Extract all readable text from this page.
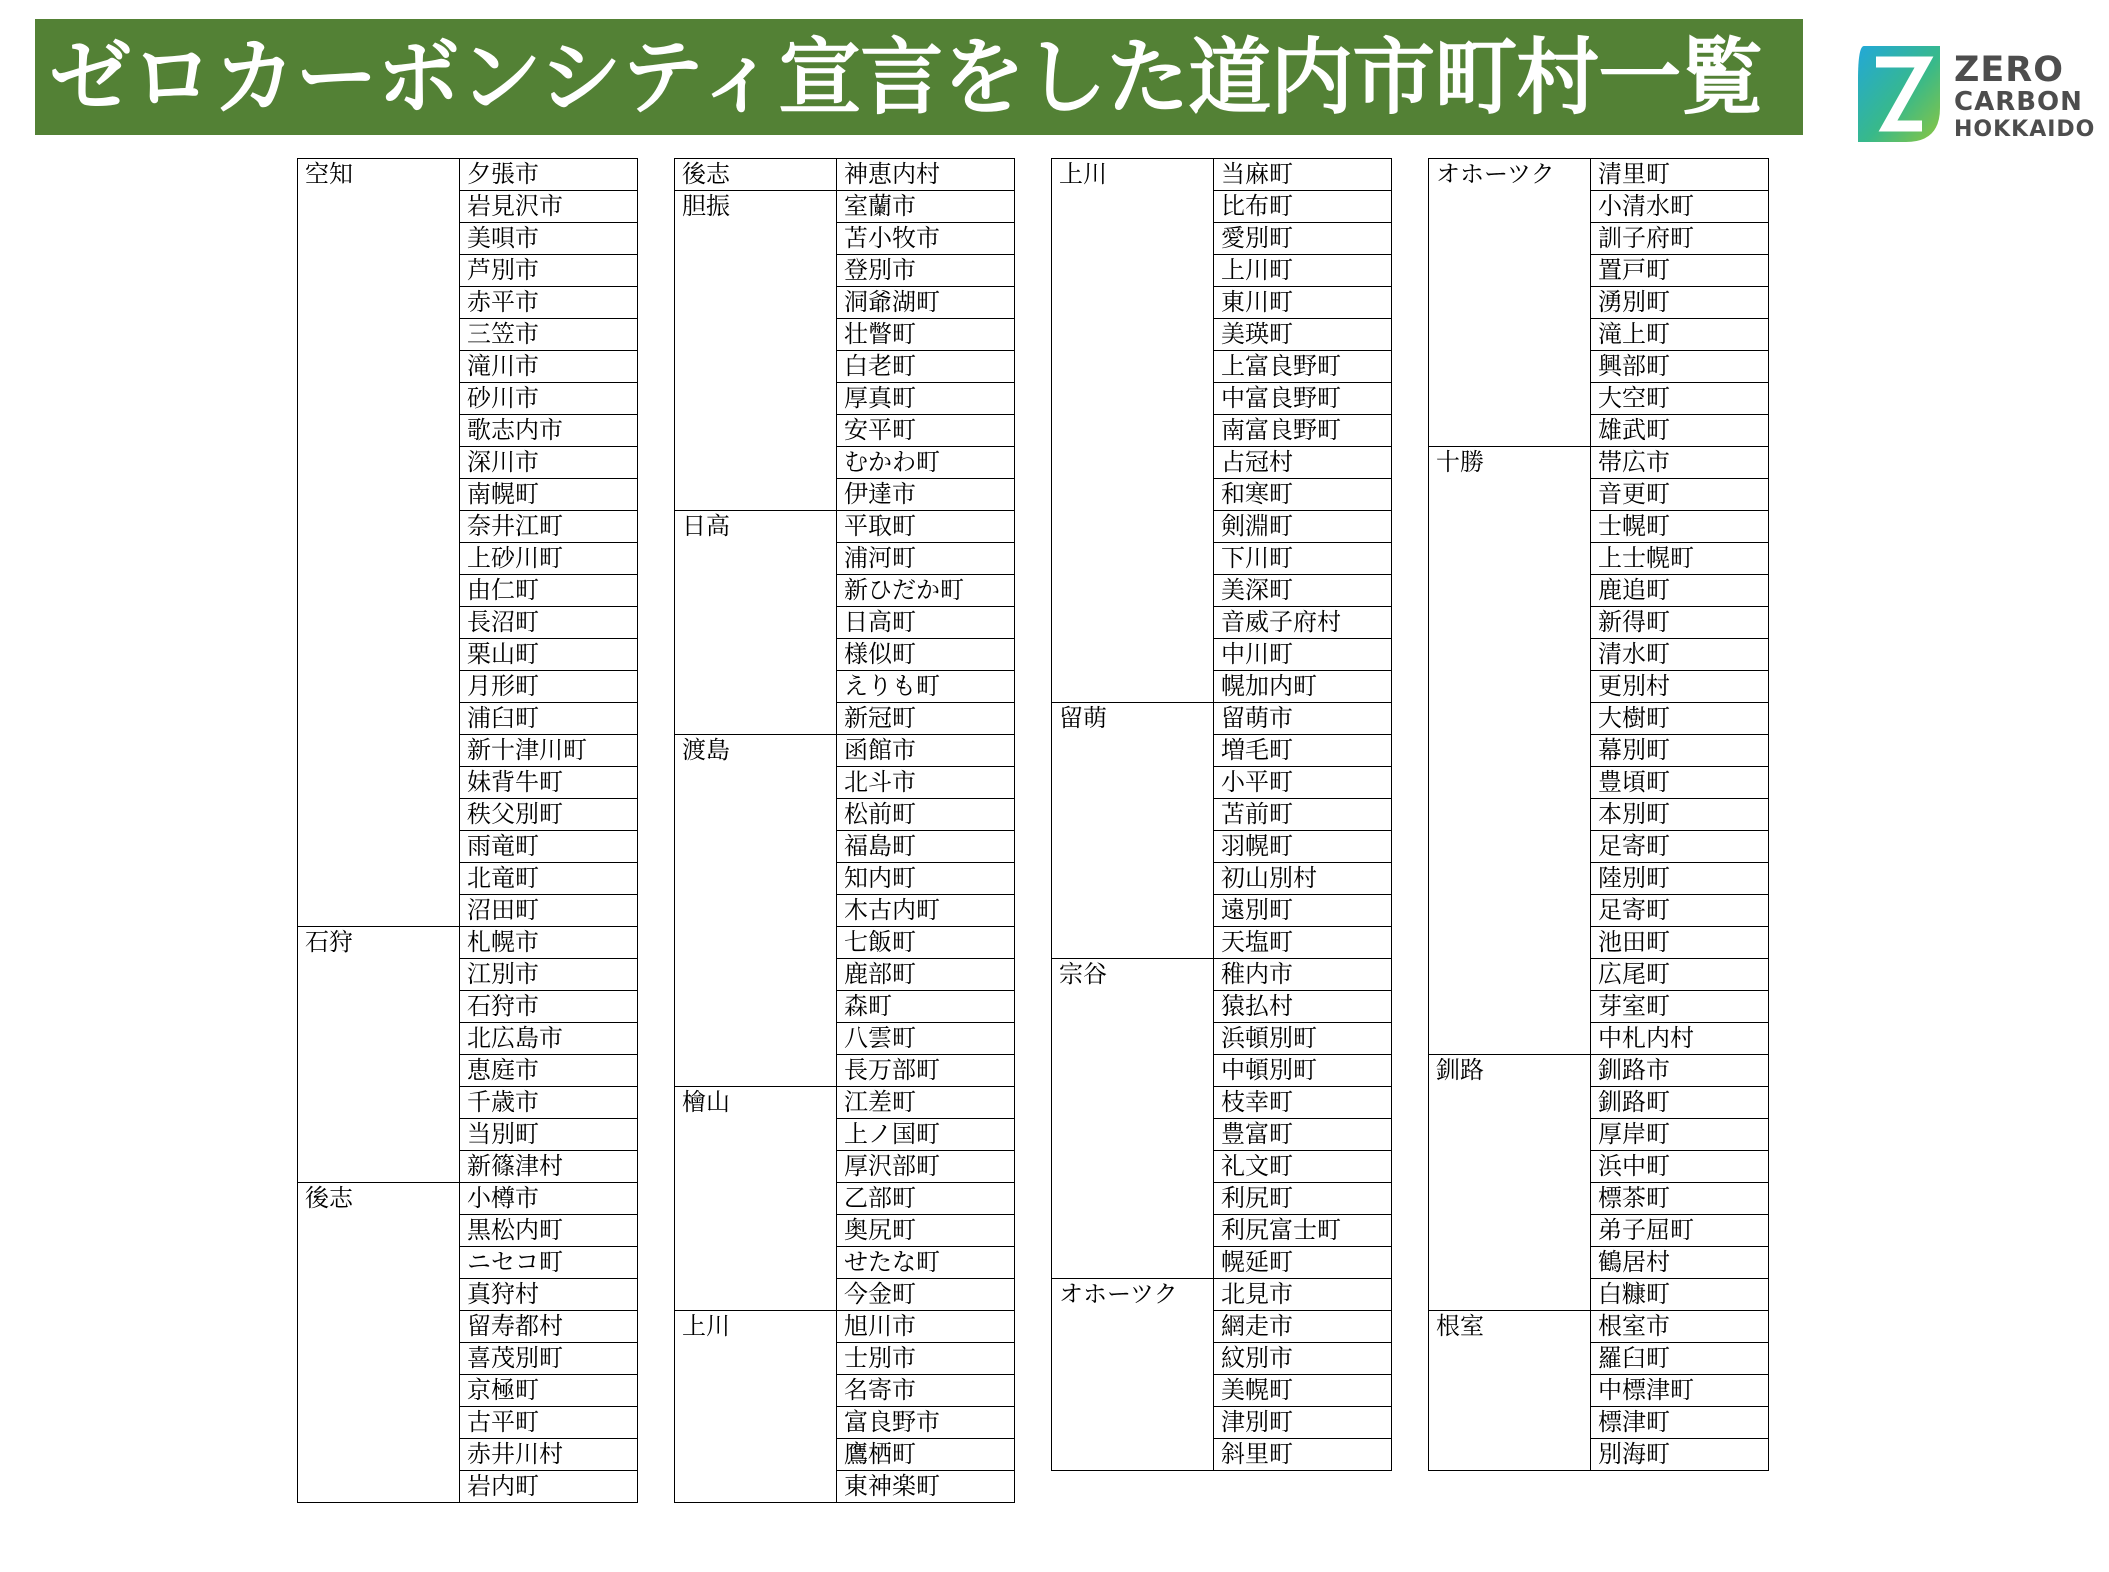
ゼロカーボンシティ宣言をした道内市町村一覧	ZERO
CARBON
HOKKAIDO
空知	夕張市
	岩見沢市
	美唄市
	芦別市
	赤平市
	三笠市
	滝川市
	砂川市
	歌志内市
	深川市
	南幌町
	奈井江町
	上砂川町
	由仁町
	長沼町
	栗山町
	月形町
	浦臼町
	新十津川町
	妹背牛町
	秩父別町
	雨竜町
	北竜町
	沼田町
石狩	札幌市
	江別市
	石狩市
	北広島市
	恵庭市
	千歳市
	当別町
	新篠津村
後志	小樽市
	黒松内町
	ニセコ町
	真狩村
	留寿都村
	喜茂別町
	京極町
	古平町
	赤井川村
	岩内町
後志	神恵内村
胆振	室蘭市
	苫小牧市
	登別市
	洞爺湖町
	壮瞥町
	白老町
	厚真町
	安平町
	むかわ町
	伊達市
日高	平取町
	浦河町
	新ひだか町
	日高町
	様似町
	えりも町
	新冠町
渡島	函館市
	北斗市
	松前町
	福島町
	知内町
	木古内町
	七飯町
	鹿部町
	森町
	八雲町
	長万部町
檜山	江差町
	上ノ国町
	厚沢部町
	乙部町
	奥尻町
	せたな町
	今金町
上川	旭川市
	士別市
	名寄市
	富良野市
	鷹栖町
	東神楽町
上川	当麻町
	比布町
	愛別町
	上川町
	東川町
	美瑛町
	上富良野町
	中富良野町
	南富良野町
	占冠村
	和寒町
	剣淵町
	下川町
	美深町
	音威子府村
	中川町
	幌加内町
留萌	留萌市
	増毛町
	小平町
	苫前町
	羽幌町
	初山別村
	遠別町
	天塩町
宗谷	稚内市
	猿払村
	浜頓別町
	中頓別町
	枝幸町
	豊富町
	礼文町
	利尻町
	利尻富士町
	幌延町
オホーツク	北見市
	網走市
	紋別市
	美幌町
	津別町
	斜里町
オホーツク	清里町
	小清水町
	訓子府町
	置戸町
	湧別町
	滝上町
	興部町
	大空町
	雄武町
十勝	帯広市
	音更町
	士幌町
	上士幌町
	鹿追町
	新得町
	清水町
	更別村
	大樹町
	幕別町
	豊頃町
	本別町
	足寄町
	陸別町
	足寄町
	池田町
	広尾町
	芽室町
	中札内村
釧路	釧路市
	釧路町
	厚岸町
	浜中町
	標茶町
	弟子屈町
	鶴居村
	白糠町
根室	根室市
	羅臼町
	中標津町
	標津町
	別海町
